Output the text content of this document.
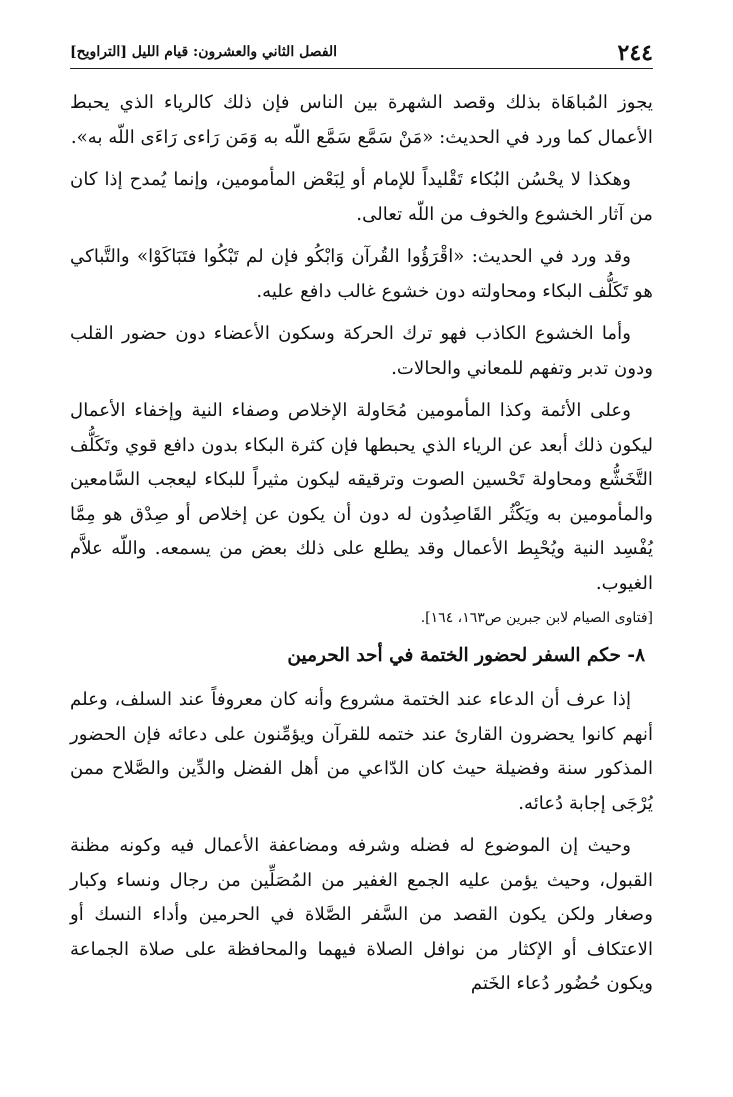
٢٤٤
الفصل الثاني والعشرون: قيام الليل [التراويح]

يجوز المُباهَاة بذلك وقصد الشهرة بين الناس فإن ذلك كالرياء الذي يحبط الأعمال كما ورد في الحديث: «مَنْ سَمَّع سَمَّع اللّه به وَمَن رَاءى رَاءَى اللّه به».

وهكذا لا يحْسُن البُكاء تَقْليداً للإمام أو لِبَعْض المأمومين، وإنما يُمدح إذا كان من آثار الخشوع والخوف من اللّه تعالى.

وقد ورد في الحديث: «اقْرَؤُوا القُرآن وَابْكُو فإن لم تَبْكُوا فتَبَاكَوْا» والتَّباكي هو تَكَلُّف البكاء ومحاولته دون خشوع غالب دافع عليه.

وأما الخشوع الكاذب فهو ترك الحركة وسكون الأعضاء دون حضور القلب ودون تدبر وتفهم للمعاني والحالات.

وعلى الأئمة وكذا المأمومين مُحَاولة الإخلاص وصفاء النية وإخفاء الأعمال ليكون ذلك أبعد عن الرياء الذي يحبطها فإن كثرة البكاء بدون دافع قوي وتَكَلُّف التَّخَشُّع ومحاولة تَحْسين الصوت وترقيقه ليكون مثيراً للبكاء ليعجب السَّامعين والمأمومين به ويَكْثُر القَاصِدُون له دون أن يكون عن إخلاص أو صِدْق هو مِمَّا يُفْسِد النية ويُحْبِط الأعمال وقد يطلع على ذلك بعض من يسمعه. واللّه علاَّم الغيوب.

[فتاوى الصيام لابن جبرين ص١٦٣، ١٦٤].

٨- حكم السفر لحضور الختمة في أحد الحرمين

إذا عرف أن الدعاء عند الختمة مشروع وأنه كان معروفاً عند السلف، وعلم أنهم كانوا يحضرون القارئ عند ختمه للقرآن ويؤمِّنون على دعائه فإن الحضور المذكور سنة وفضيلة حيث كان الدّاعي من أهل الفضل والدِّين والصَّلاح ممن يُرْجَى إجابة دُعائه.

وحيث إن الموضوع له فضله وشرفه ومضاعفة الأعمال فيه وكونه مظنة القبول، وحيث يؤمن عليه الجمع الغفير من المُصَلِّين من رجال ونساء وكبار وصغار ولكن يكون القصد من السَّفر الصَّلاة في الحرمين وأداء النسك أو الاعتكاف أو الإكثار من نوافل الصلاة فيهما والمحافظة على صلاة الجماعة ويكون حُضُور دُعاء الخَتم
